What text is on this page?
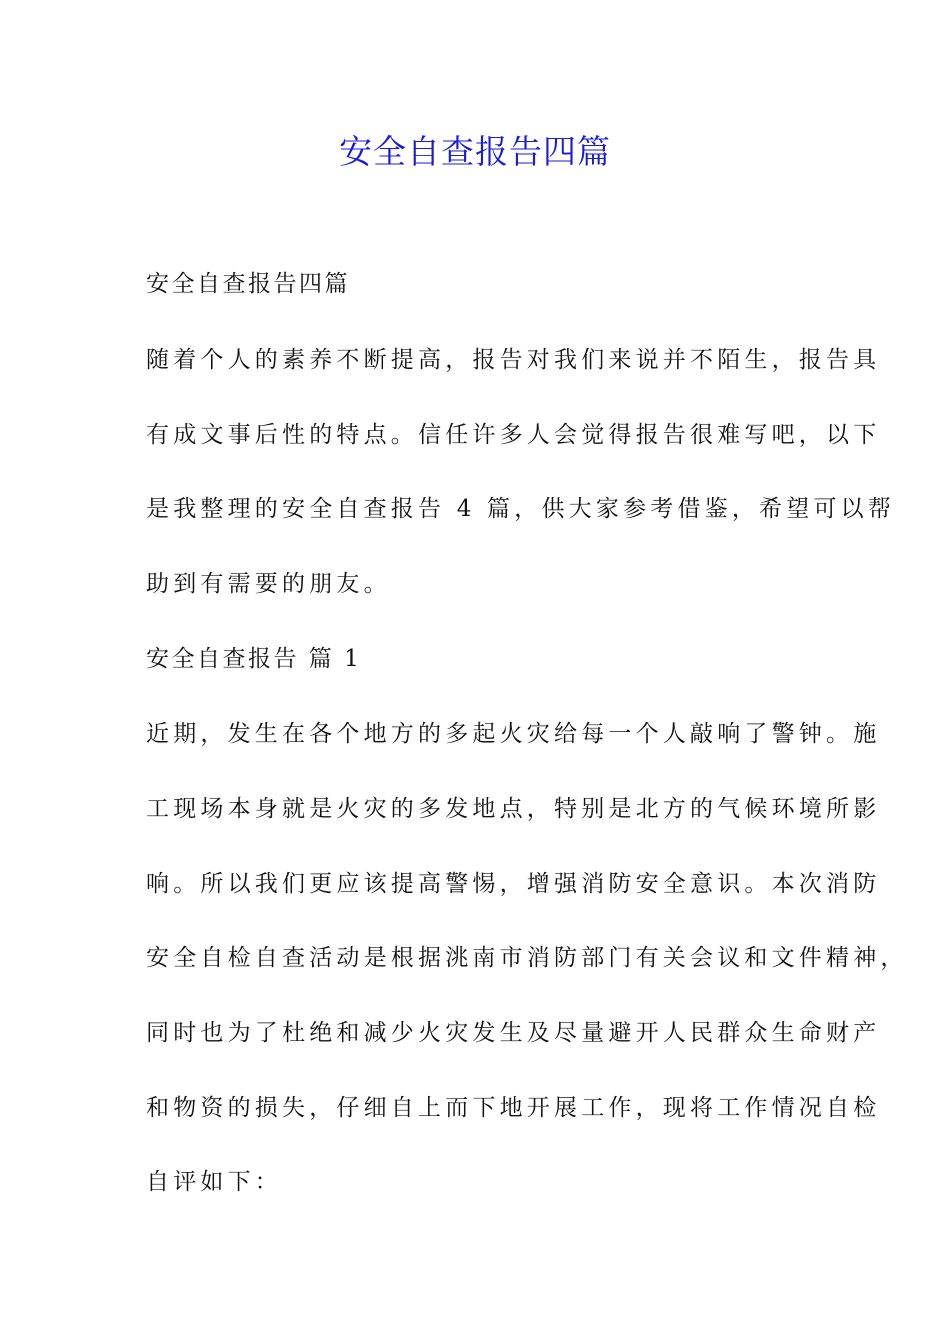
安全自查报告四篇
安全自查报告四篇
随着个人的素养不断提高，报告对我们来说并不陌生，报告具
有成文事后性的特点。信任许多人会觉得报告很难写吧，以下
是我整理的安全自查报告 4 篇，供大家参考借鉴，希望可以帮
助到有需要的朋友。
安全自查报告 篇 1
近期，发生在各个地方的多起火灾给每一个人敲响了警钟。施
工现场本身就是火灾的多发地点，特别是北方的气候环境所影
响。所以我们更应该提高警惕，增强消防安全意识。本次消防
安全自检自查活动是根据洮南市消防部门有关会议和文件精神，
同时也为了杜绝和减少火灾发生及尽量避开人民群众生命财产
和物资的损失，仔细自上而下地开展工作，现将工作情况自检
自评如下：
